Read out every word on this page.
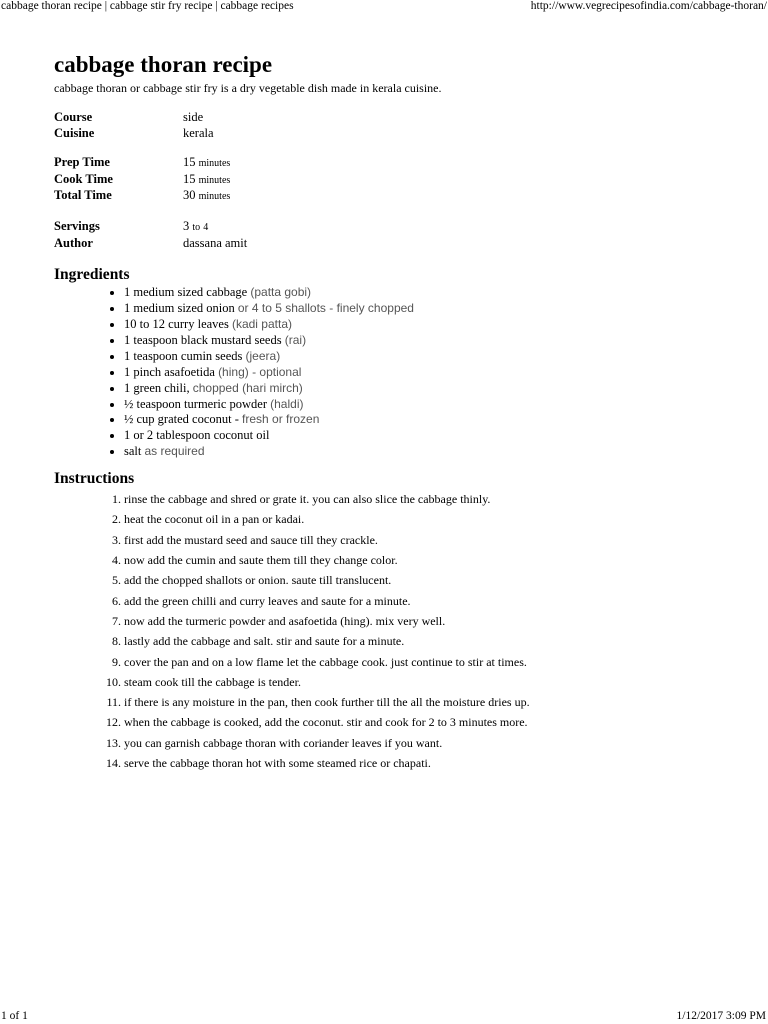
cabbage thoran recipe | cabbage stir fry recipe | cabbage recipes	http://www.vegrecipesofindia.com/cabbage-thoran/
cabbage thoran recipe

cabbage thoran or cabbage stir fry is a dry vegetable dish made in kerala cuisine.

Course	side
Cuisine	kerala

Prep Time	15 minutes
Cook Time	15 minutes
Total Time	30 minutes

Servings	3 to 4
Author	dassana amit
Ingredients
• 1 medium sized cabbage (patta gobi)
• 1 medium sized onion or 4 to 5 shallots - finely chopped
• 10 to 12 curry leaves (kadi patta)
• 1 teaspoon black mustard seeds (rai)
• 1 teaspoon cumin seeds (jeera)
• 1 pinch asafoetida (hing) - optional
• 1 green chili, chopped (hari mirch)
• ½ teaspoon turmeric powder (haldi)
• ½ cup grated coconut - fresh or frozen
• 1 or 2 tablespoon coconut oil
• salt as required
Instructions
1. rinse the cabbage and shred or grate it. you can also slice the cabbage thinly.
2. heat the coconut oil in a pan or kadai.
3. first add the mustard seed and sauce till they crackle.
4. now add the cumin and saute them till they change color.
5. add the chopped shallots or onion. saute till translucent.
6. add the green chilli and curry leaves and saute for a minute.
7. now add the turmeric powder and asafoetida (hing). mix very well.
8. lastly add the cabbage and salt. stir and saute for a minute.
9. cover the pan and on a low flame let the cabbage cook. just continue to stir at times.
10. steam cook till the cabbage is tender.
11. if there is any moisture in the pan, then cook further till the all the moisture dries up.
12. when the cabbage is cooked, add the coconut. stir and cook for 2 to 3 minutes more.
13. you can garnish cabbage thoran with coriander leaves if you want.
14. serve the cabbage thoran hot with some steamed rice or chapati.
1 of 1	1/12/2017 3:09 PM
